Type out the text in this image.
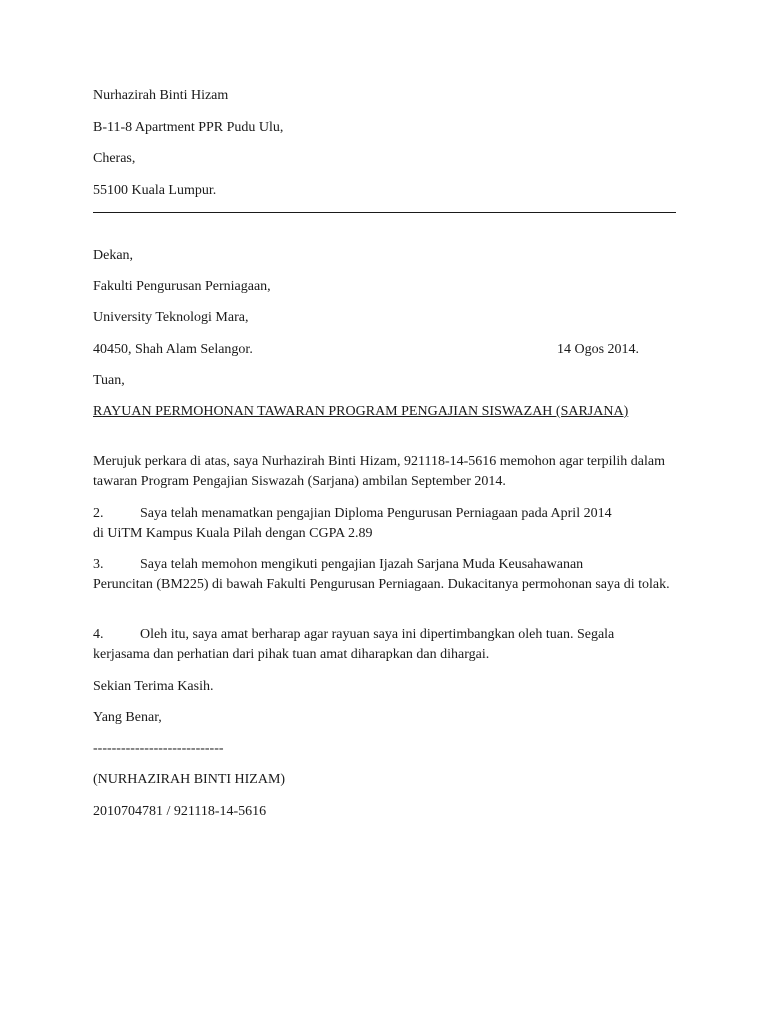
Nurhazirah Binti Hizam

B-11-8 Apartment PPR Pudu Ulu,

Cheras,

55100 Kuala Lumpur.

Dekan,

Fakulti Pengurusan Perniagaan,

University Teknologi Mara,

40450, Shah Alam Selangor.	14 Ogos 2014.

Tuan,

RAYUAN PERMOHONAN TAWARAN PROGRAM PENGAJIAN SISWAZAH (SARJANA)
Merujuk perkara di atas, saya Nurhazirah Binti Hizam, 921118-14-5616 memohon agar terpilih dalam tawaran Program Pengajian Siswazah (Sarjana) ambilan September 2014.
2.	Saya telah menamatkan pengajian Diploma Pengurusan Perniagaan pada April 2014
di UiTM Kampus Kuala Pilah dengan CGPA 2.89
3.	Saya telah memohon mengikuti pengajian Ijazah Sarjana Muda Keusahawanan
Peruncitan (BM225) di bawah Fakulti Pengurusan Perniagaan. Dukacitanya permohonan saya di tolak.
4.	Oleh itu, saya amat berharap agar rayuan saya ini dipertimbangkan oleh tuan. Segala
kerjasama dan perhatian dari pihak tuan amat diharapkan dan dihargai.

Sekian Terima Kasih.

Yang Benar,

----------------------------

(NURHAZIRAH BINTI HIZAM)

2010704781 / 921118-14-5616
